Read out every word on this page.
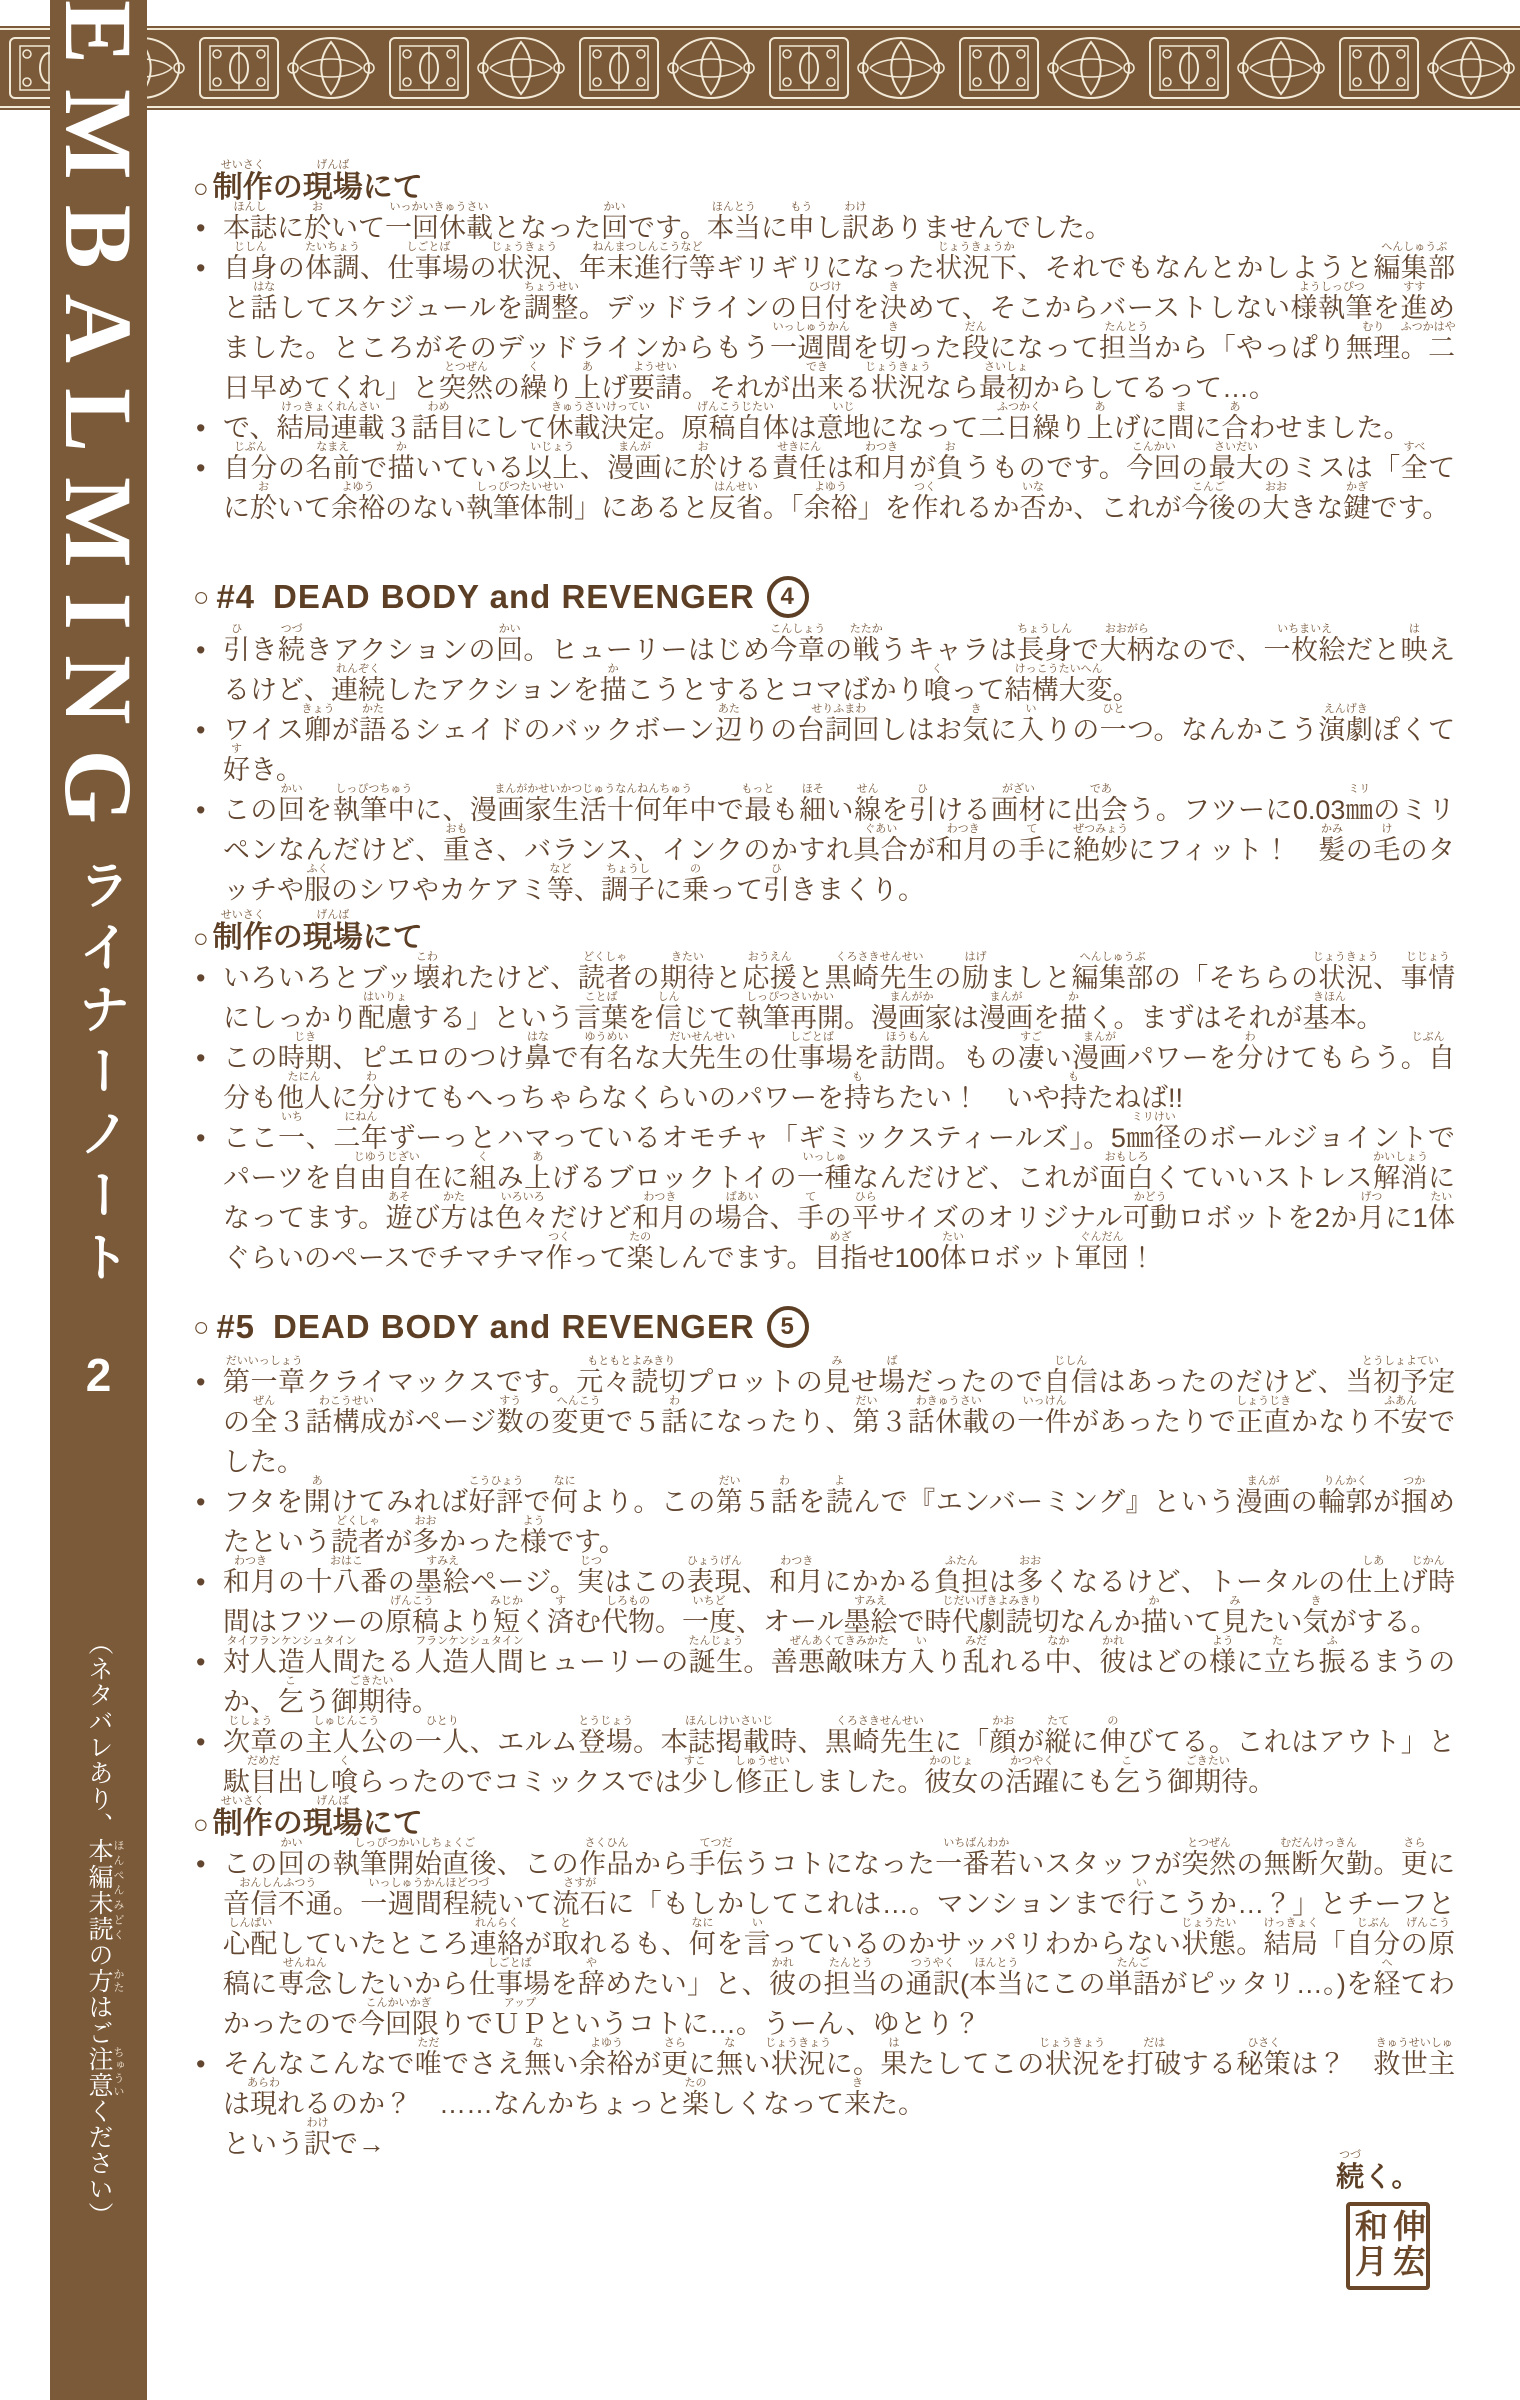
EMBALMING
ライナーノート
2
（ネタバレあり、本編未読 ほんぺんみどくの方 かたはご注意 ちゅういください）
○ 制作
せいさく
の現場
げんば
にて
• 本誌
ほんし
に於
お
いて一回休載
いっかいきゅうさい
となった回
かい
です。本当
ほんとう
に申
もう
し訳
わけ
ありませんでした。
• 自身
じしん
の体調
たいちょう
、仕事場
しごとば
の状況
じょうきょう
、年末進行等
ねんまつしんこうなど
ギリギリになった状況下
じょうきょうか
、それでもなんとかしようと編集部
へんしゅうぶ
と話
はな
してスケジュールを調整
ちょうせい
。デッドラインの日付
ひづけ
を決
き
めて、そこからバーストしない様執筆
ようしっぴつ
を進
すす
めました。ところがそのデッドラインからもう一週間
いっしゅうかん
を切
き
った段
だん
になって担当
たんとう
から「やっぱり無理
むり
。二日早
ふつかはや
めてくれ」と突然
とつぜん
の繰
く
り上
あ
げ要請
ようせい
。それが出来
でき
る状況
じょうきょう
なら最初
さいしょ
からしてるって…。
• で、結局連載
けっきょくれんさい
３話目
わめ
にして休載決定
きゅうさいけってい
。原稿自体
げんこうじたい
は意地
いじ
になって二日繰
ふつかく
り上
あ
げに間
ま
に合
あ
わせました。
• 自分
じぶん
の名前
なまえ
で描
か
いている以上
いじょう
、漫画
まんが
に於
お
ける責任
せきにん
は和月
わつき
が負
お
うものです。今回
こんかい
の最大
さいだい
のミスは「全
すべ
てに於
お
いて余裕
よゆう
のない執筆体制
しっぴつたいせい
」にあると反省
はんせい
。「余裕
よゆう
」を作
つく
れるか否
いな
か、これが今後
こんご
の大
おお
きな鍵
かぎ
です。
○ #4 DEAD BODY and REVENGER	4
• 引
ひ
き続
つづ
きアクションの回
かい
。ヒューリーはじめ今章
こんしょう
の戦
たたか
うキャラは長身
ちょうしん
で大柄
おおがら
なので、一枚絵
いちまいえ
だと映
は
えるけど、連続
れんぞく
したアクションを描
か
こうとするとコマばかり喰
く
って結構大変
けっこうたいへん
。
• ワイス卿
きょう
が語
かた
るシェイドのバックボーン辺
あた
りの台詞回
せりふまわ
しはお気
き
に入
い
りの一
ひと
つ。なんかこう演劇
えんげき
ぽくて好
す
き。
• この回
かい
を執筆中
しっぴつちゅう
に、漫画家生活十何年中
まんがかせいかつじゅうなんねんちゅう
で最
もっと
も細
ほそ
い線
せん
を引
ひ
ける画材
がざい
に出会
であ
う。フツーに0.03㎜
ミリ
のミリペンなんだけど、重
おも
さ、バランス、インクのかすれ具合
ぐあい
が和月
わつき
の手
て
に絶妙
ぜつみょう
にフィット！　髪
かみ
の毛
け
のタッチや服
ふく
のシワやカケアミ等
など
、調子
ちょうし
に乗
の
って引
ひ
きまくり。
○ 制作
せいさく
の現場
げんば
にて
• いろいろとブッ壊
こわ
れたけど、読者
どくしゃ
の期待
きたい
と応援
おうえん
と黒崎先生
くろさきせんせい
の励
はげ
ましと編集部
へんしゅうぶ
の「そちらの状況
じょうきょう
、事情
じじょう
にしっかり配慮
はいりょ
する」という言葉
ことば
を信
しん
じて執筆再開
しっぴつさいかい
。漫画家
まんがか
は漫画
まんが
を描
か
く。まずはそれが基本
きほん
。
• この時期
じき
、ピエロのつけ鼻
はな
で有名
ゆうめい
な大先生
だいせんせい
の仕事場
しごとば
を訪問
ほうもん
。もの凄
すご
い漫画
まんが
パワーを分
わ
けてもらう。自分
じぶん
も他人
たにん
に分
わ
けてもへっちゃらなくらいのパワーを持
も
ちたい！　いや持
も
たねば!!
• ここ一
いち
、二年
にねん
ずーっとハマっているオモチャ「ギミックスティールズ」。5㎜径
ミリけい
のボールジョイントでパーツを自由自在
じゆうじざい
に組
く
み上
あ
げるブロックトイの一種
いっしゅ
なんだけど、これが面白
おもしろ
くていいストレス解消
かいしょう
になってます。遊
あそ
び方
かた
は色々
いろいろ
だけど和月
わつき
の場合
ばあい
、手
て
の平
ひら
サイズのオリジナル可動
かどう
ロボットを2か月
げつ
に1体
たい
ぐらいのペースでチマチマ作
つく
って楽
たの
しんでます。目指
めざ
せ100体
たい
ロボット軍団
ぐんだん
！
○ #5 DEAD BODY and REVENGER	5
• 第一章
だいいっしょう
クライマックスです。元々読切
もともとよみきり
プロットの見
み
せ場
ば
だったので自信
じしん
はあったのだけど、当初予定
とうしょよてい
の全
ぜん
３話構成
わこうせい
がページ数
すう
の変更
へんこう
で５話
わ
になったり、第
だい
３話休載
わきゅうさい
の一件
いっけん
があったりで正直
しょうじき
かなり不安
ふあん
でした。
• フタを開
あ
けてみれば好評
こうひょう
で何
なに
より。この第
だい
５話
わ
を読
よ
んで『エンバーミング』という漫画
まんが
の輪郭
りんかく
が掴
つか
めたという読者
どくしゃ
が多
おお
かった様
よう
です。
• 和月
わつき
の十八番
おはこ
の墨絵
すみえ
ページ。実
じつ
はこの表現
ひょうげん
、和月
わつき
にかかる負担
ふたん
は多
おお
くなるけど、トータルの仕上
しあ
げ時間
じかん
はフツーの原稿
げんこう
より短
みじか
く済
す
む代物
しろもの
。一度
いちど
、オール墨絵
すみえ
で時代劇読切
じだいげきよみきり
なんか描
か
いて見
み
たい気
き
がする。
• 対人造人間
タイフランケンシュタイン
たる人造人間
フランケンシュタイン
ヒューリーの誕生
たんじょう
。善悪敵味方
ぜんあくてきみかた
入
い
り乱
みだ
れる中
なか
、彼
かれ
はどの様
よう
に立
た
ち振
ふ
るまうのか、乞
こ
う御期待
ごきたい
。
• 次章
じしょう
の主人公
しゅじんこう
の一人
ひとり
、エルム登場
とうじょう
。本誌掲載時
ほんしけいさいじ
、黒崎先生
くろさきせんせい
に「顔
かお
が縦
たて
に伸
の
びてる。これはアウト」と駄目出
だめだ
し喰
く
らったのでコミックスでは少
すこ
し修正
しゅうせい
しました。彼女
かのじょ
の活躍
かつやく
にも乞
こ
う御期待
ごきたい
。
○ 制作
せいさく
の現場
げんば
にて
• この回
かい
の執筆開始直後
しっぴつかいしちょくご
、この作品
さくひん
から手伝
てつだ
うコトになった一番若
いちばんわか
いスタッフが突然
とつぜん
の無断欠勤
むだんけっきん
。更
さら
に音信不通
おんしんふつう
。一週間程続
いっしゅうかんほどつづ
いて流石
さすが
に「もしかしてこれは…。マンションまで行
い
こうか…？」とチーフと心配
しんぱい
していたところ連絡
れんらく
が取
と
れるも、何
なに
を言
い
っているのかサッパリわからない状態
じょうたい
。結局
けっきょく
「自分
じぶん
の原稿
げんこう
に専念
せんねん
したいから仕事場
しごとば
を辞
や
めたい」と、彼
かれ
の担当
たんとう
の通訳
つうやく
(本当
ほんとう
にこの単語
たんご
がピッタリ…。)を経
へ
てわかったので今回限
こんかいかぎ
りでＵＰ
アップ
というコトに…。うーん、ゆとり？
• そんなこんなで唯
ただ
でさえ無
な
い余裕
よゆう
が更
さら
に無
な
い状況
じょうきょう
に。果
は
たしてこの状況
じょうきょう
を打破
だは
する秘策
ひさく
は？　救世主
きゅうせいしゅ
は現
あらわ
れるのか？　……なんかちょっと楽
たの
しくなって来
き
た。

という訳
わけ
で→

続
つづ
く。
伸宏和月
